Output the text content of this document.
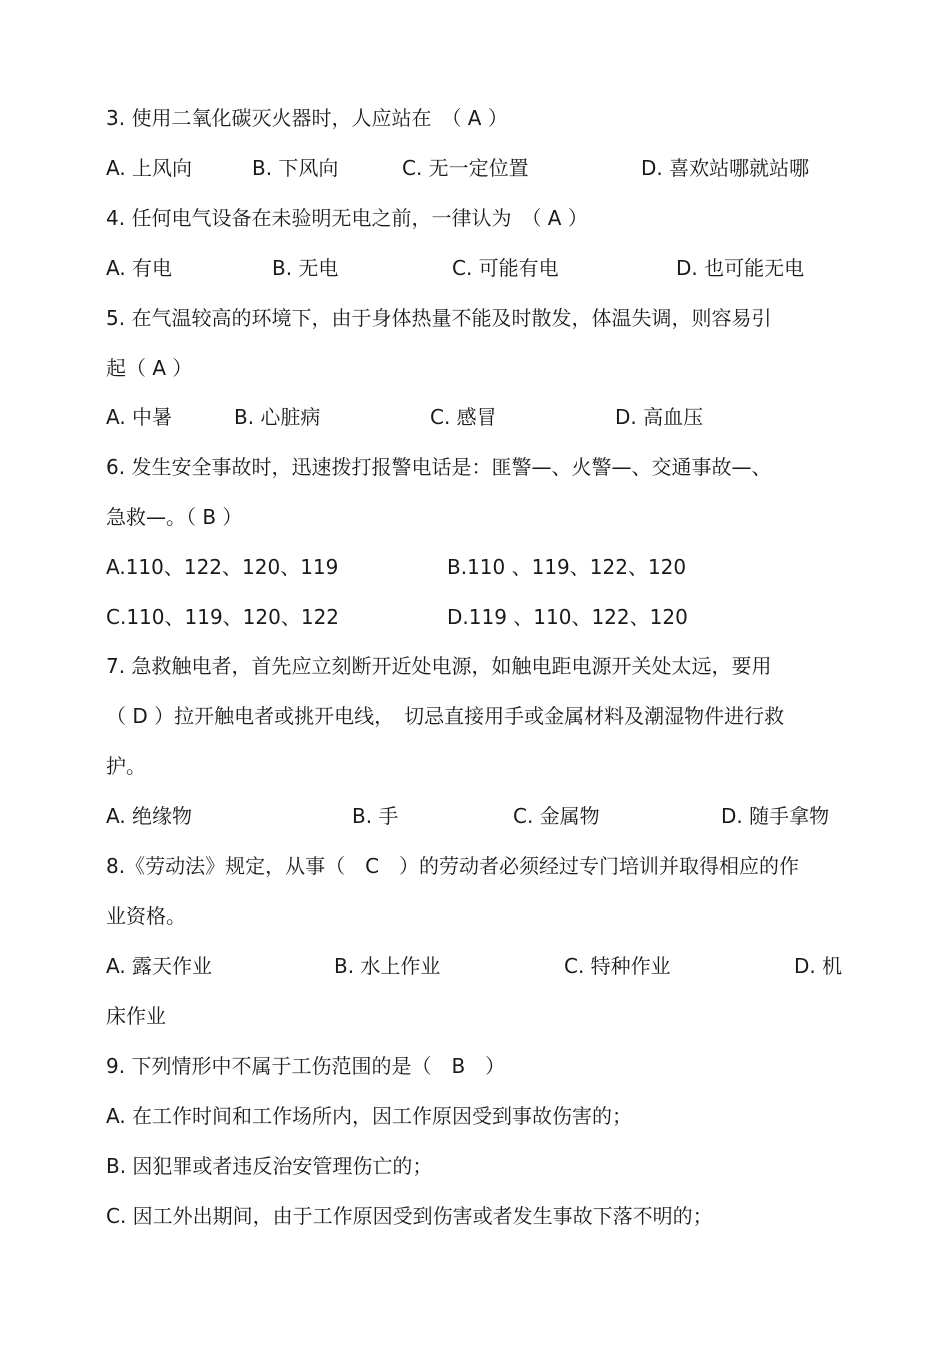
3. 使用二氧化碳灭火器时，人应站在　（ A ）
A. 上风向	B. 下风向	C. 无一定位置	D. 喜欢站哪就站哪
4. 任何电气设备在未验明无电之前，一律认为　（ A ）
A. 有电	B. 无电	C. 可能有电	D. 也可能无电
5. 在气温较高的环境下，由于身体热量不能及时散发，体温失调，则容易引
起（ A ）
A. 中暑	B. 心脏病	C. 感冒	D. 高血压
6. 发生安全事故时，迅速拨打报警电话是：匪警—、火警—、交通事故—、
急救—。（ B ）
A.110、122、120、119	B.110 、119、122、120
C.110、119、120、122	D.119 、110、122、120
7. 急救触电者，首先应立刻断开近处电源，如触电距电源开关处太远，要用
（ D ）拉开触电者或挑开电线，　切忌直接用手或金属材料及潮湿物件进行救
护。
A. 绝缘物	B. 手	C. 金属物	D. 随手拿物
8.《劳动法》规定，从事（　C　）的劳动者必须经过专门培训并取得相应的作
业资格。
A. 露天作业	B. 水上作业	C. 特种作业	D. 机
床作业
9. 下列情形中不属于工伤范围的是（　B　）
A. 在工作时间和工作场所内，因工作原因受到事故伤害的；
B. 因犯罪或者违反治安管理伤亡的；
C. 因工外出期间，由于工作原因受到伤害或者发生事故下落不明的；
